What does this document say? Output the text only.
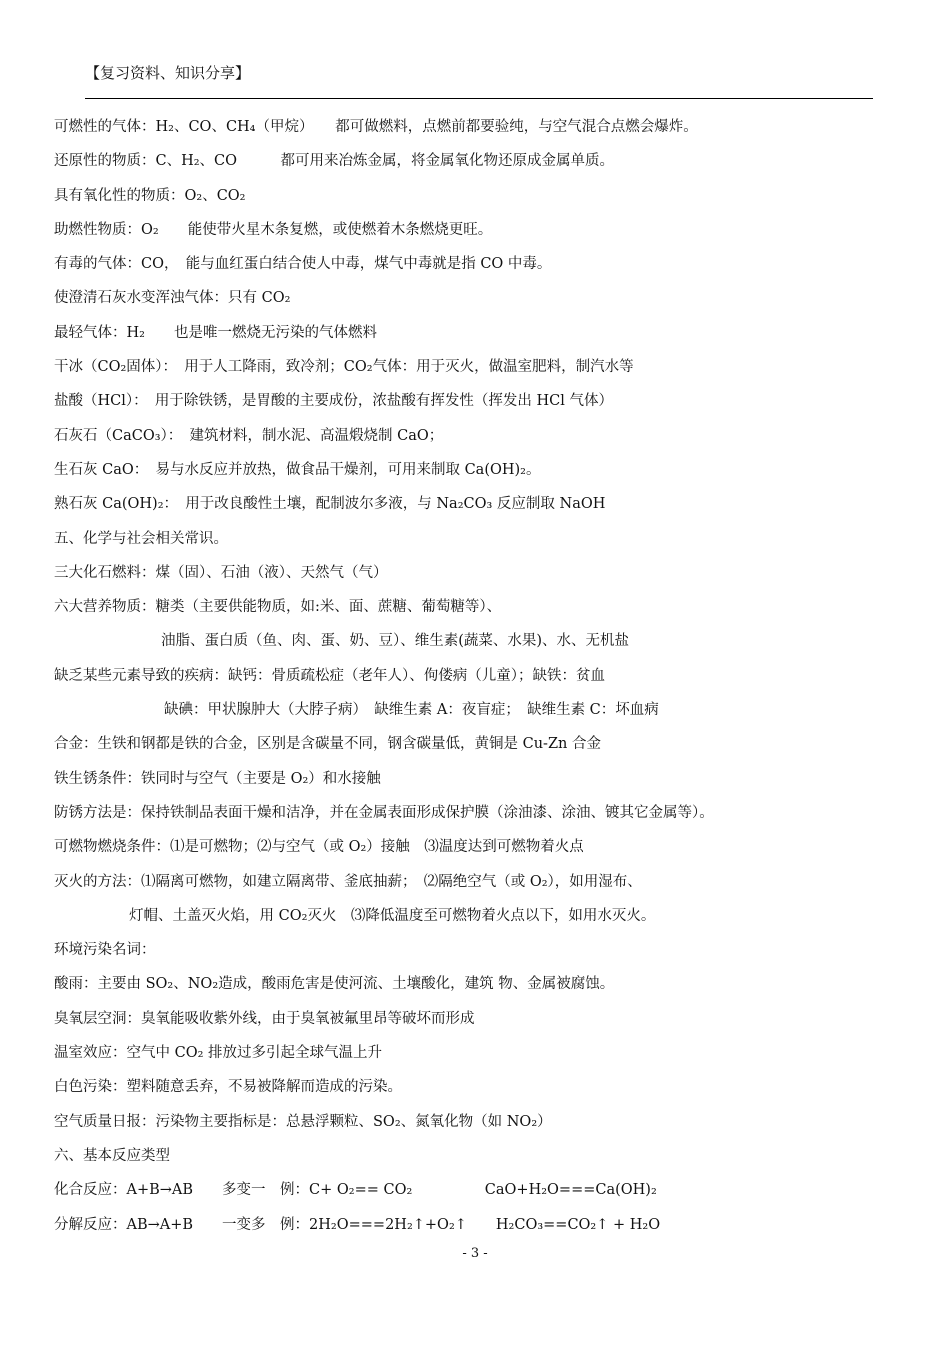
【复习资料、知识分享】
可燃性的气体：H₂、CO、CH₄（甲烷）　　都可做燃料，点燃前都要验纯，与空气混合点燃会爆炸。
还原性的物质：C、H₂、CO　　　都可用来冶炼金属，将金属氧化物还原成金属单质。
具有氧化性的物质：O₂、CO₂
助燃性物质：O₂　　能使带火星木条复燃，或使燃着木条燃烧更旺。
有毒的气体：CO，　能与血红蛋白结合使人中毒，煤气中毒就是指 CO 中毒。
使澄清石灰水变浑浊气体：只有 CO₂
最轻气体：H₂　　也是唯一燃烧无污染的气体燃料
干冰（CO₂固体）：　用于人工降雨，致冷剂；CO₂气体：用于灭火，做温室肥料，制汽水等
盐酸（HCl）：　用于除铁锈，是胃酸的主要成份，浓盐酸有挥发性（挥发出 HCl 气体）
石灰石（CaCO₃）：　建筑材料，制水泥、高温煅烧制 CaO；
生石灰 CaO：　易与水反应并放热，做食品干燥剂，可用来制取 Ca(OH)₂。
熟石灰 Ca(OH)₂：　用于改良酸性土壤，配制波尔多液，与 Na₂CO₃ 反应制取 NaOH
五、化学与社会相关常识。
三大化石燃料：煤（固）、石油（液）、天然气（气）
六大营养物质：糖类（主要供能物质，如:米、面、蔗糖、葡萄糖等）、
油脂、蛋白质（鱼、肉、蛋、奶、豆）、维生素(蔬菜、水果)、水、无机盐
缺乏某些元素导致的疾病：缺钙：骨质疏松症（老年人）、佝偻病（儿童）；缺铁：贫血
缺碘：甲状腺肿大（大脖子病）　缺维生素 A：夜盲症；　缺维生素 C：坏血病
合金：生铁和钢都是铁的合金，区别是含碳量不同，钢含碳量低，黄铜是 Cu-Zn 合金
铁生锈条件：铁同时与空气（主要是 O₂）和水接触
防锈方法是：保持铁制品表面干燥和洁净，并在金属表面形成保护膜（涂油漆、涂油、镀其它金属等）。
可燃物燃烧条件：⑴是可燃物；⑵与空气（或 O₂）接触　⑶温度达到可燃物着火点
灭火的方法：⑴隔离可燃物，如建立隔离带、釜底抽薪；　⑵隔绝空气（或 O₂），如用湿布、
灯帽、土盖灭火焰，用 CO₂灭火　⑶降低温度至可燃物着火点以下，如用水灭火。
环境污染名词：
酸雨：主要由 SO₂、NO₂造成，酸雨危害是使河流、土壤酸化，建筑 物、金属被腐蚀。
臭氧层空洞：臭氧能吸收紫外线，由于臭氧被氟里昂等破坏而形成
温室效应：空气中 CO₂ 排放过多引起全球气温上升
白色污染：塑料随意丢弃，不易被降解而造成的污染。
空气质量日报：污染物主要指标是：总悬浮颗粒、SO₂、氮氧化物（如 NO₂）
六、基本反应类型
化合反应：A+B→AB　　多变一　例：C+ O₂== CO₂　　　　　CaO+H₂O===Ca(OH)₂
分解反应：AB→A+B　　一变多　例：2H₂O===2H₂↑+O₂↑　　H₂CO₃==CO₂↑ + H₂O
- 3 -
